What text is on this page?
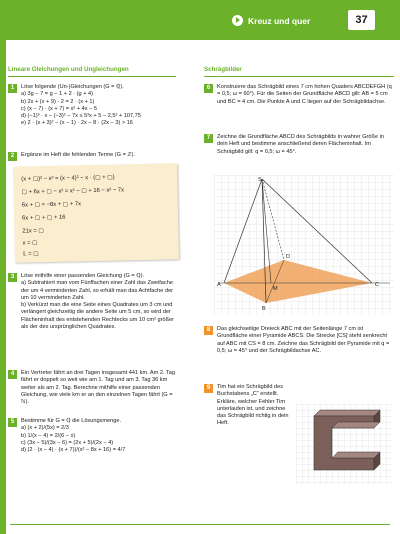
Kreuz und quer	37
Lineare Gleichungen und Ungleichungen	Schrägbilder
1	Löse folgende (Un-)Gleichungen (G = ℚ).

a) 3g − 7 = g − 1 + 2 · (g + 4)

b) 2x + (x + 9) · 2 = 2 · (x + 1)

c) (x − 7) · (x + 7) = x² + 4x − 5

d) (−1)³ · x − (−3)² − 7x ≤ 5³x + 5 − 2,5² + 107,75

e) 2 · (x + 3)² − (x − 1) · 2x − 8 · (2x − 3) > 16

2	Ergänze im Heft die fehlenden Terme (G = ℤ).
(x + ▢)² − x² = (x − 4)² − x · (▢ + ▢)
▢ + 6x + ▢ − x² = x² − ▢ + 16 − x² − 7x
6x + ▢ = −8x + ▢ + 7x
6x + ▢ + ▢ + 16
21x = ▢
x = ▢
𝕃 = ▢
3	Löse mithilfe einer passenden Gleichung (G = ℚ).

a) Subtrahiert man vom Fünffachen einer Zahl das Zweifache der um 4 verminderten Zahl, so erhält man das Achtfache der um 10 verminderten Zahl.

b) Verkürzt man die eine Seite eines Quadrates um 3 cm und verlängert gleichzeitig die andere Seite um 5 cm, so wird der Flächeninhalt des entstehenden Rechtecks um 10 cm² größer als der des ursprünglichen Quadrates.

4	Ein Vertreter fährt an drei Tagen insgesamt 441 km. Am 2. Tag fährt er doppelt so weit wie am 1. Tag und am 3. Tag 36 km weiter als am 2. Tag. Berechne mithilfe einer passenden Gleichung, wie viele km er an den einzelnen Tagen fährt (G = ℕ).
5	Bestimme für G = ℚ die Lösungsmenge.

a) (x + 2)/(5x) = 2/3

b) 1/(x − 4) = 2/(6 − x)

c) (3x − 5)/(3x − 6) = (2x + 5)/(2x − 4)

d) (2 · (x − 4) · (x + 7))/(x² − 8x + 16) = 4/7

6	Konstruiere das Schrägbild eines 7 cm hohen Quaders ABCDEFGH (q = 0,5; ω = 60°). Für die Seiten der Grundfläche ABCD gilt: AB = 5 cm und BC = 4 cm. Die Punkte A und C liegen auf der Schrägbildachse.
7	Zeichne die Grundfläche ABCD des Schrägbilds in wahrer Größe in dein Heft und bestimme anschließend deren Flächeninhalt. Im Schrägbild gilt: q = 0,5; ω = 45°.
S
A
B
C
D
M
8	Das gleichseitige Dreieck ABC mit der Seitenlänge 7 cm ist Grundfläche einer Pyramide ABCS. Die Strecke [CS] steht senkrecht auf ABC mit CS = 8 cm. Zeichne das Schrägbild der Pyramide mit q = 0,5; ω = 45° und der Schrägbildachse AC.
9	Tim hat ein Schrägbild des Buchstabens „C“ erstellt. Erkläre, welcher Fehler Tim unterlaufen ist, und zeichne das Schrägbild richtig in dein Heft.
